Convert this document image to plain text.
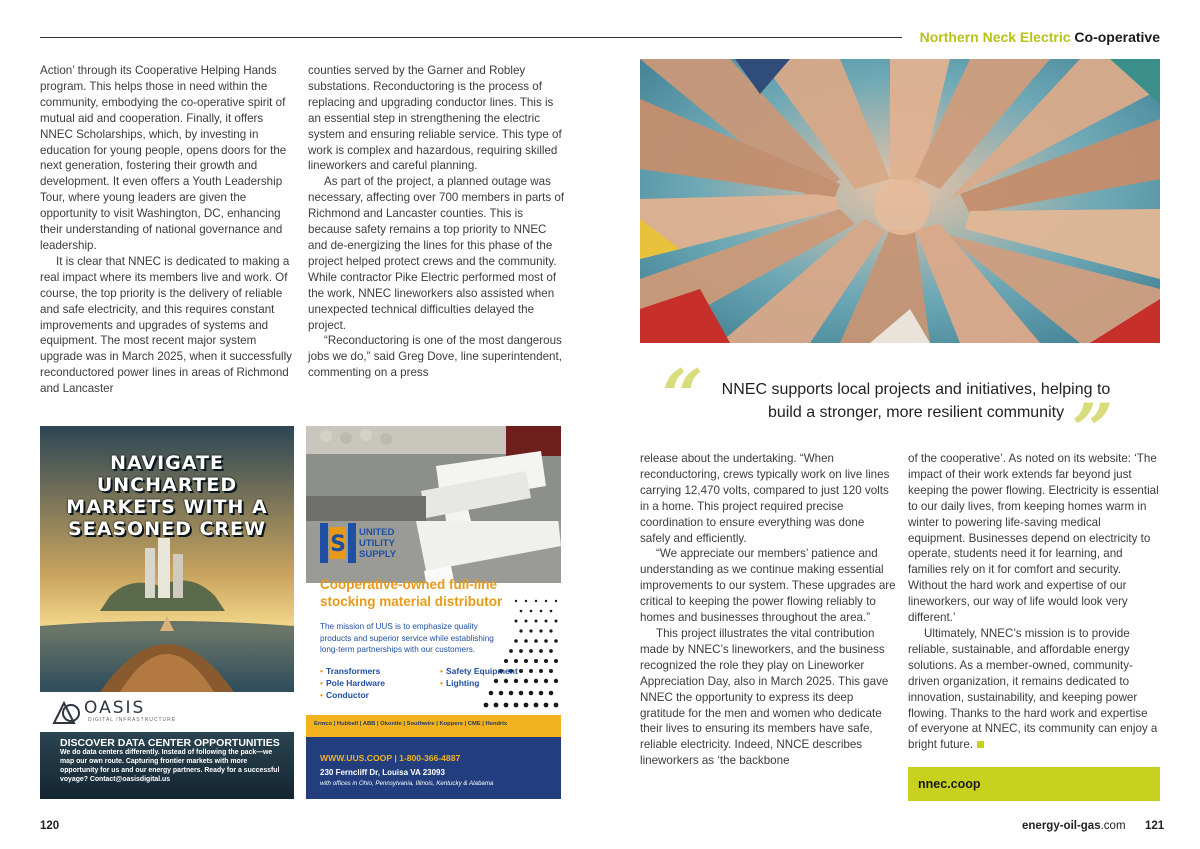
Northern Neck Electric Co-operative

Action’ through its Cooperative Helping Hands program. This helps those in need within the community, embodying the co-operative spirit of mutual aid and cooperation. Finally, it offers NNEC Scholarships, which, by investing in education for young people, opens doors for the next generation, fostering their growth and development. It even offers a Youth Leadership Tour, where young leaders are given the opportunity to visit Washington, DC, enhancing their understanding of national governance and leadership.

It is clear that NNEC is dedicated to making a real impact where its members live and work. Of course, the top priority is the delivery of reliable and safe electricity, and this requires constant improvements and upgrades of systems and equipment. The most recent major system upgrade was in March 2025, when it successfully reconductored power lines in areas of Richmond and Lancaster

counties served by the Garner and Robley substations. Reconductoring is the process of replacing and upgrading conductor lines. This is an essential step in strengthening the electric system and ensuring reliable service. This type of work is complex and hazardous, requiring skilled lineworkers and careful planning.

As part of the project, a planned outage was necessary, affecting over 700 members in parts of Richmond and Lancaster counties. This is because safety remains a top priority to NNEC and de-energizing the lines for this phase of the project helped protect crews and the community. While contractor Pike Electric performed most of the work, NNEC lineworkers also assisted when unexpected technical difficulties delayed the project.

“Reconductoring is one of the most dangerous jobs we do,” said Greg Dove, line superintendent, commenting on a press	“	NNEC supports local projects and initiatives, helping to build a stronger, more resilient community ”

release about the undertaking. “When reconductoring, crews typically work on live lines carrying 12,470 volts, compared to just 120 volts in a home. This project required precise coordination to ensure everything was done safely and efficiently.

“We appreciate our members’ patience and understanding as we continue making essential improvements to our system. These upgrades are critical to keeping the power flowing reliably to homes and businesses throughout the area.”

This project illustrates the vital contribution made by NNEC’s lineworkers, and the business recognized the role they play on Lineworker Appreciation Day, also in March 2025. This gave NNEC the opportunity to express its deep gratitude for the men and women who dedicate their lives to ensuring its members have safe, reliable electricity. Indeed, NNCE describes lineworkers as ‘the backbone

of the cooperative’. As noted on its website: ‘The impact of their work extends far beyond just keeping the power flowing. Electricity is essential to our daily lives, from keeping homes warm in winter to powering life-saving medical equipment. Businesses depend on electricity to operate, students need it for learning, and families rely on it for comfort and security. Without the hard work and expertise of our lineworkers, our way of life would look very different.’

Ultimately, NNEC’s mission is to provide reliable, sustainable, and affordable energy solutions. As a member-owned, community-driven organization, it remains dedicated to innovation, sustainability, and keeping power flowing. Thanks to the hard work and expertise of everyone at NNEC, its community can enjoy a bright future.

NAVIGATE UNCHARTED MARKETS WITH A SEASONED CREW
OASIS
DIGITAL INFRASTRUCTURE
DISCOVER DATA CENTER OPPORTUNITIES
We do data centers differently. Instead of following the pack—we map our own route. Capturing frontier markets with more opportunity for us and our energy partners. Ready for a successful voyage? Contact@oasisdigital.us
S UNITED UTILITY SUPPLY
Cooperative-owned full-line stocking material distributor
The mission of UUS is to emphasize quality products and superior service while establishing long-term partnerships with our customers.
• Transformers
• Pole Hardware
• Conductor
• Safety Equipment
• Lighting
Ermco | Hubbell | ABB | Okonite | Southwire | Koppers | CME | Hendrix
WWW.UUS.COOP | 1-800-366-4887
230 Ferncliff Dr, Louisa VA 23093
with offices in Ohio, Pennsylvania, Illinois, Kentucky & Alabama	nnec.coop
120	energy-oil-gas.com 121
